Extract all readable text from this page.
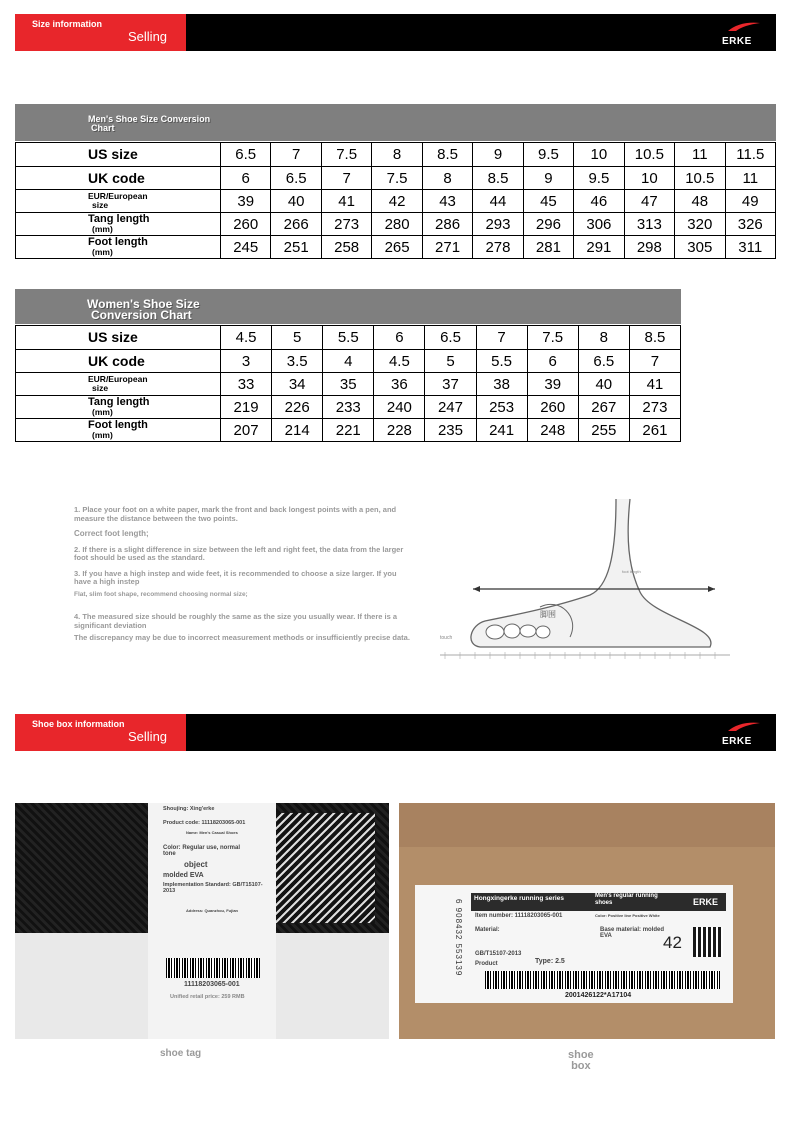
Size information
Selling	ERKE
Men's Shoe Size Conversion
Chart
US size	6.5	7	7.5	8	8.5	9	9.5	10	10.5	11	11.5
UK code	6	6.5	7	7.5	8	8.5	9	9.5	10	10.5	11

EUR/European
size	39	40	41	42	43	44	45	46	47	48	49

Tang length
(mm)	260	266	273	280	286	293	296	306	313	320	326

Foot length
(mm)	245	251	258	265	271	278	281	291	298	305	311
Women's Shoe Size
Conversion Chart
US size	4.5	5	5.5	6	6.5	7	7.5	8	8.5
UK code	3	3.5	4	4.5	5	5.5	6	6.5	7

EUR/European
size	33	34	35	36	37	38	39	40	41

Tang length
(mm)	219	226	233	240	247	253	260	267	273

Foot length
(mm)	207	214	221	228	235	241	248	255	261

1. Place your foot on a white paper, mark the front and back longest points with a pen, and measure the distance between the two points.

Correct foot length;

2. If there is a slight difference in size between the left and right feet, the data from the larger foot should be used as the standard.

3. If you have a high instep and wide feet, it is recommended to choose a size larger. If you have a high instep

Flat, slim foot shape, recommend choosing normal size;

4. The measured size should be roughly the same as the size you usually wear. If there is a significant deviation

The discrepancy may be due to incorrect measurement methods or insufficiently precise data.

foot length
脚围
touch
Shoe box information
Selling	ERKE
Shoujing: Xing'erke
Product code: 11118203065-001
Name: Men's Casual Shoes
Color: Regular use, normal tone
object
molded EVA
Implementation Standard: GB/T15107-2013
Address: Quanzhou, Fujian
11118203065-001
Unified retail price: 259 RMB
shoe tag
6 908432 553139
Hongxingerke running series	Men's regular running shoes	ERKE
Item number: 11118203065-001	Color: Positive line Positive White
Material:	Base material: molded EVA
GB/T15107-2013
Product	Type: 2.5
42
2001426122*A17104
shoe
box
